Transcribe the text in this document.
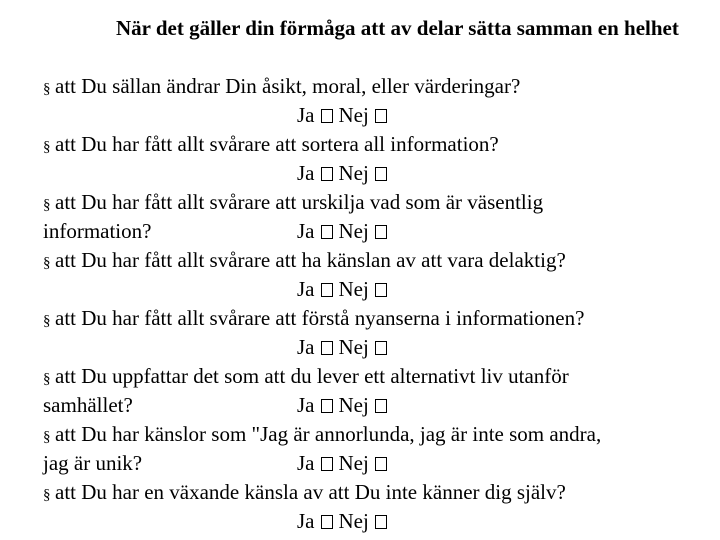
När det gäller din förmåga att av delar sätta samman en helhet
§ att Du sällan ändrar Din åsikt, moral, eller värderingar?
Ja Nej
§ att Du har fått allt svårare att sortera all information?
Ja Nej
§ att Du har fått allt svårare att urskilja vad som är väsentlig
information?	Ja Nej
§ att Du har fått allt svårare att ha känslan av att vara delaktig?
Ja Nej
§ att Du har fått allt svårare att förstå nyanserna i informationen?
Ja Nej
§ att Du uppfattar det som att du lever ett alternativt liv utanför
samhället?	Ja Nej
§ att Du har känslor som "Jag är annorlunda, jag är inte som andra,
jag är unik?	Ja Nej
§ att Du har en växande känsla av att Du inte känner dig själv?
Ja Nej
